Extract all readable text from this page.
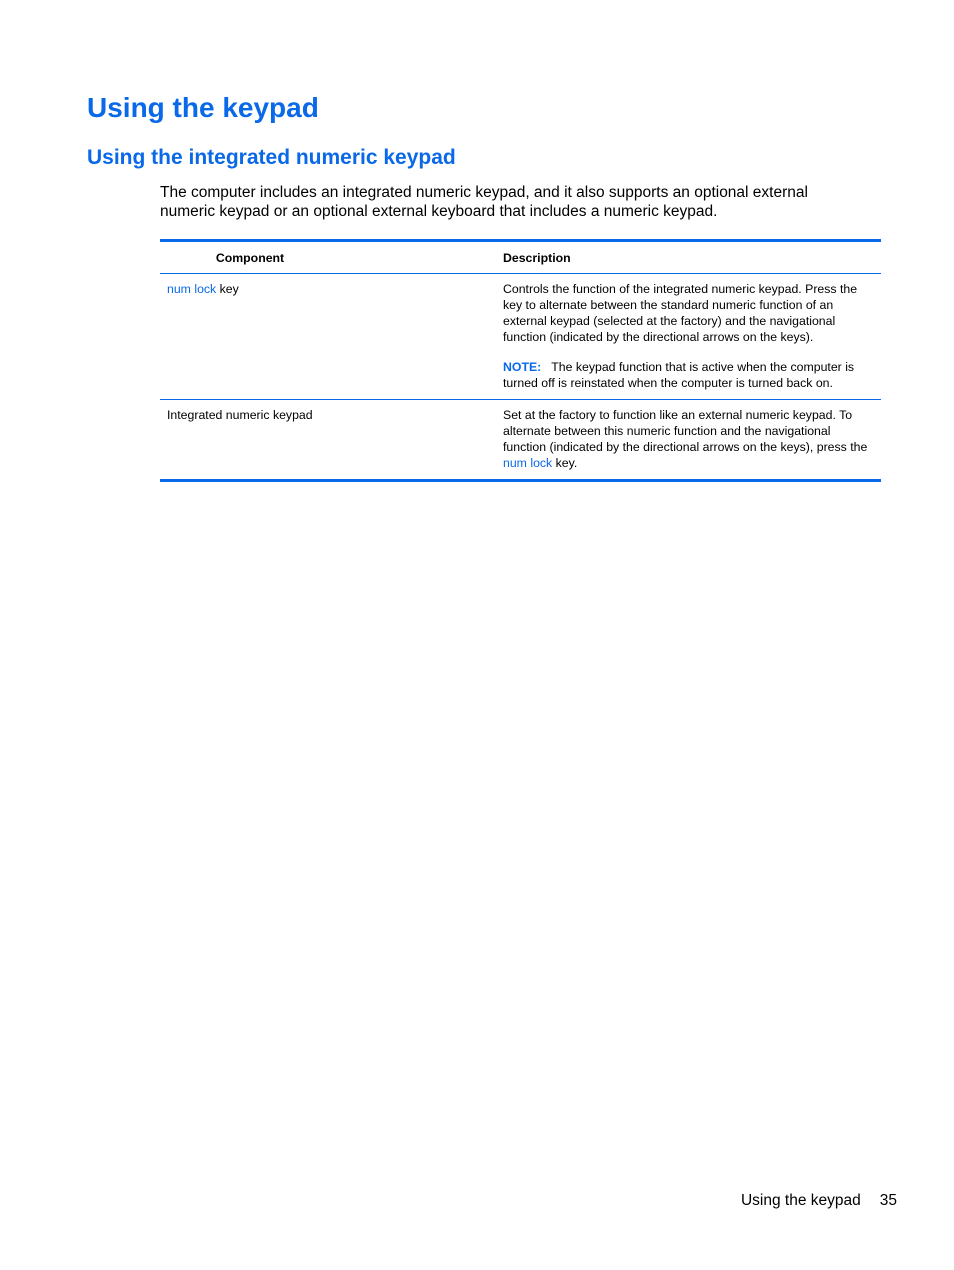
Using the keypad
Using the integrated numeric keypad

The computer includes an integrated numeric keypad, and it also supports an optional external numeric keypad or an optional external keyboard that includes a numeric keypad.

Component	Description
num lock key	Controls the function of the integrated numeric keypad. Press the key to alternate between the standard numeric function of an external keypad (selected at the factory) and the navigational function (indicated by the directional arrows on the keys).

NOTE: The keypad function that is active when the computer is turned off is reinstated when the computer is turned back on.

Integrated numeric keypad	Set at the factory to function like an external numeric keypad. To alternate between this numeric function and the navigational function (indicated by the directional arrows on the keys), press the num lock key.

Using the keypad 35
